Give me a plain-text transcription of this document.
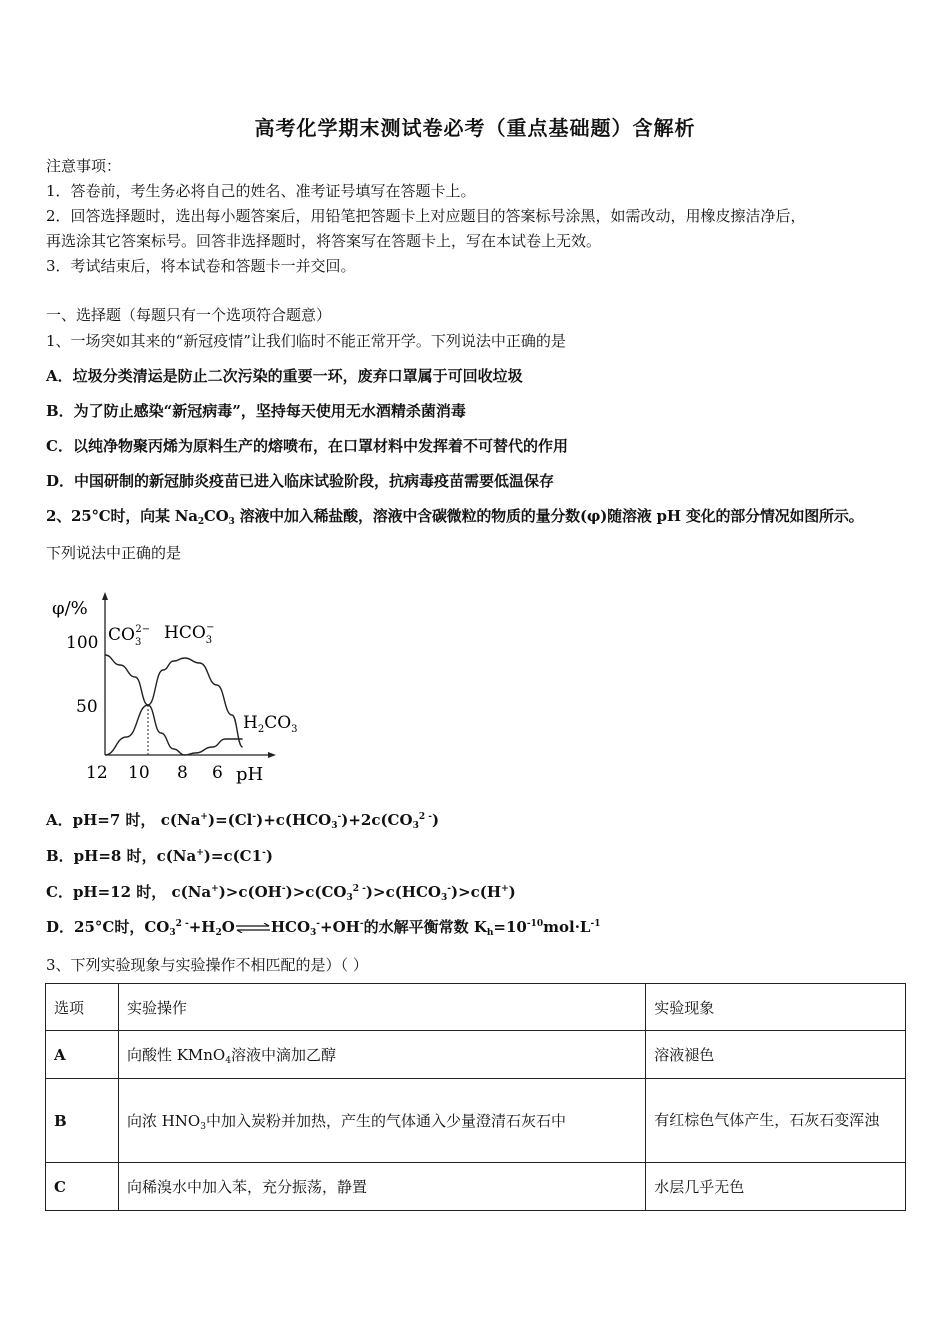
高考化学期末测试卷必考（重点基础题）含解析
注意事项：
1．答卷前，考生务必将自己的姓名、准考证号填写在答题卡上。
2．回答选择题时，选出每小题答案后，用铅笔把答题卡上对应题目的答案标号涂黑，如需改动，用橡皮擦洁净后，
再选涂其它答案标号。回答非选择题时，将答案写在答题卡上，写在本试卷上无效。
3．考试结束后，将本试卷和答题卡一并交回。
一、选择题（每题只有一个选项符合题意）
1、一场突如其来的“新冠疫情”让我们临时不能正常开学。下列说法中正确的是
A．垃圾分类清运是防止二次污染的重要一环，废弃口罩属于可回收垃圾
B．为了防止感染“新冠病毒”，坚持每天使用无水酒精杀菌消毒
C．以纯净物聚丙烯为原料生产的熔喷布，在口罩材料中发挥着不可替代的作用
D．中国研制的新冠肺炎疫苗已进入临床试验阶段，抗病毒疫苗需要低温保存
2、25°C时，向某 $Na_2CO_3$ 溶液中加入稀盐酸，溶液中含碳微粒的物质的量分数(φ)随溶液 pH 变化的部分情况如图所示。
下列说法中正确的是
φ/%
100
50
12 10 8 6 pH
$CO_32- HCO_3-$
$H_2CO_3$
A．pH=7 时， $c(Na^+)=(Cl^-)+c(HCO_3^-)+2c(CO_3^{2 -})$
B．pH=8 时，c(Na+)=c(C1-)
C．pH=12 时， $c(Na^+)>c(OH^-)>c(CO_3^{2 -})>c(HCO_3^-)>c(H^+)$
D．25°C时，$CO_3^{2 -}+H_2O\rightleftharpoons HCO_3^-+OH^-$的水解平衡常数 $K_h=10^{-10}mol\cdot L^{-1}$
3、下列实验现象与实验操作不相匹配的是）（ ）
选项	实验操作	实验现象
A	向酸性 KMnO$_4$溶液中滴加乙醇	溶液褪色
B	向浓 $HNO_3$中加入炭粉并加热，产生的气体通入少量澄清石灰石中	有红棕色气体产生，石灰石变浑浊
C	向稀溴水中加入苯，充分振荡，静置	水层几乎无色
